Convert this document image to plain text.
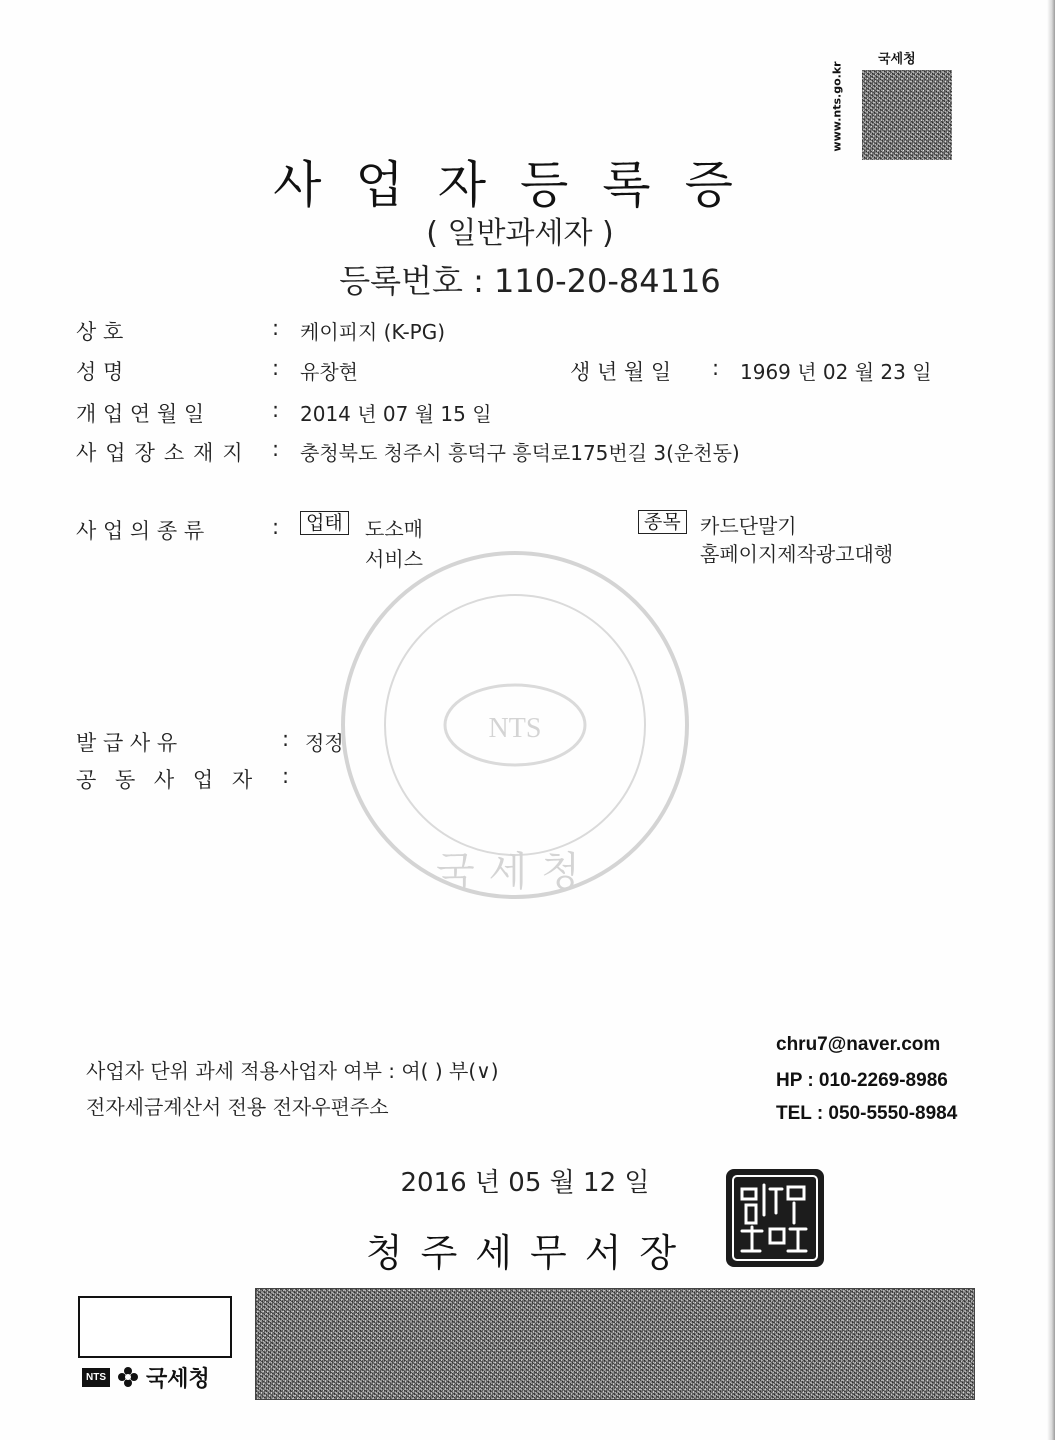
국세청
www.nts.go.kr
사업자등록증
( 일반과세자 )
등록번호 : 110-20-84116
상 호	: 케이피지 (K-PG)
성 명	: 유창현	생 년 월 일 : 1969 년 02 월 23 일
개 업 연 월 일	: 2014 년 07 월 15 일
사업장소재지 : 충청북도 청주시 흥덕구 흥덕로175번길 3(운천동)
사 업 의 종 류	:	업태	도소매
서비스
종목 카드단말기
홈페이지제작광고대행
NTS
국세청
발 급 사 유	: 정정
공 동 사 업 자 :
사업자 단위 과세 적용사업자 여부 : 여( ) 부(∨)
전자세금계산서 전용 전자우편주소
chru7@naver.com
HP : 010-2269-8986
TEL : 050-5550-8984
2016 년 05 월 12 일
청주세무서장
NTS 국세청
